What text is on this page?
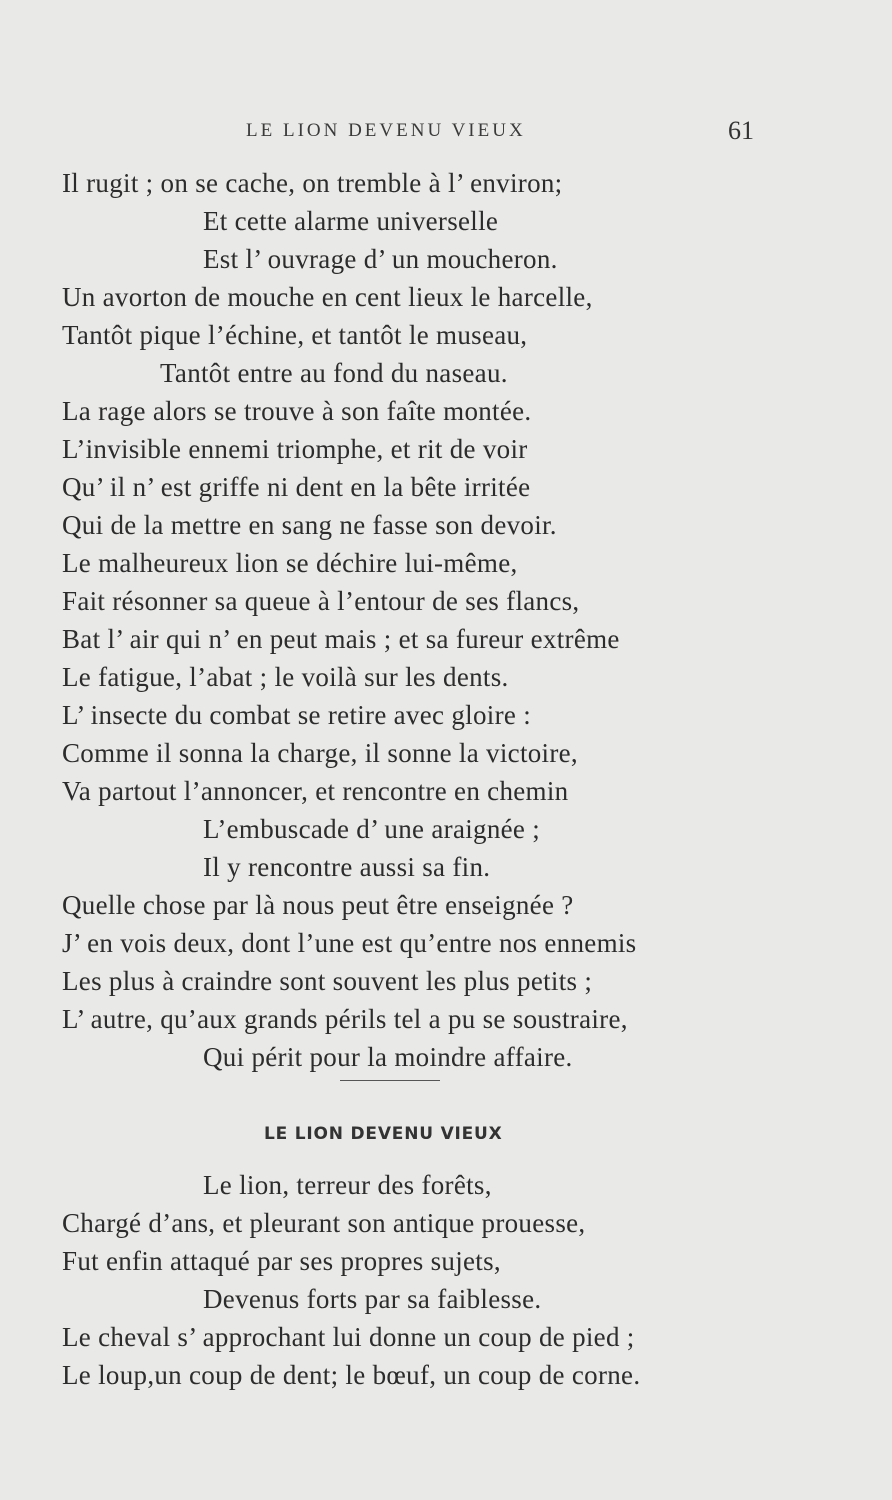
LE LION DEVENU VIEUX	61
Il rugit ; on se cache, on tremble à l’ environ;
Et cette alarme universelle
Est l’ ouvrage d’ un moucheron.
Un avorton de mouche en cent lieux le harcelle,
Tantôt pique l’échine, et tantôt le museau,
Tantôt entre au fond du naseau.
La rage alors se trouve à son faîte montée.
L’invisible ennemi triomphe, et rit de voir
Qu’ il n’ est griffe ni dent en la bête irritée
Qui de la mettre en sang ne fasse son devoir.
Le malheureux lion se déchire lui-même,
Fait résonner sa queue à l’entour de ses flancs,
Bat l’ air qui n’ en peut mais ; et sa fureur extrême
Le fatigue, l’abat ; le voilà sur les dents.
L’ insecte du combat se retire avec gloire :
Comme il sonna la charge, il sonne la victoire,
Va partout l’annoncer, et rencontre en chemin
L’embuscade d’ une araignée ;
Il y rencontre aussi sa fin.
Quelle chose par là nous peut être enseignée ?
J’ en vois deux, dont l’une est qu’entre nos ennemis
Les plus à craindre sont souvent les plus petits ;
L’ autre, qu’aux grands périls tel a pu se soustraire,
Qui périt pour la moindre affaire.
LE LION DEVENU VIEUX
Le lion, terreur des forêts,
Chargé d’ans, et pleurant son antique prouesse,
Fut enfin attaqué par ses propres sujets,
Devenus forts par sa faiblesse.
Le cheval s’ approchant lui donne un coup de pied ;
Le loup,un coup de dent; le bœuf, un coup de corne.
